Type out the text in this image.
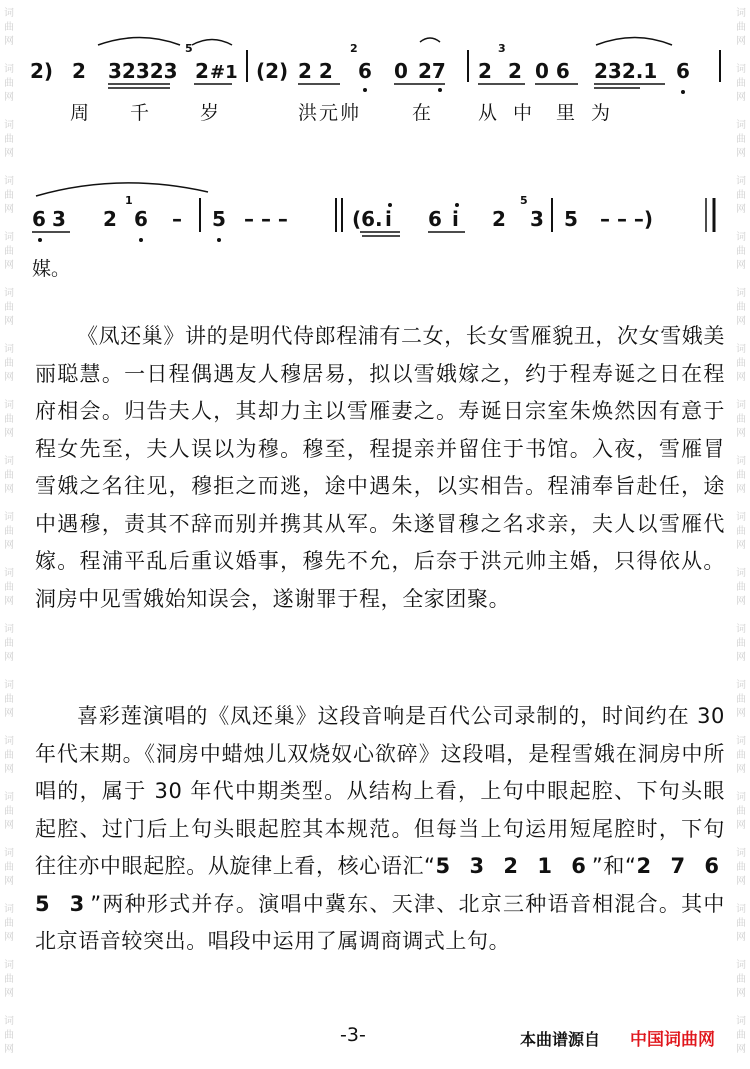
词
曲
网
词
曲
网
词
曲
网
词
曲
网
词
曲
网
词
曲
网
词
曲
网
词
曲
网
词
曲
网
词
曲
网
词
曲
网
词
曲
网
词
曲
网
词
曲
网
词
曲
网
词
曲
网
词
曲
网
词
曲
网
词
曲
网
词
曲
网
词
曲
网
词
曲
网
词
曲
网
词
曲
网
词
曲
网
词
曲
网
词
曲
网
词
曲
网
词
曲
网
词
曲
网
词
曲
网
词
曲
网
词
曲
网
词
曲
网
词
曲
网
词
曲
网
词
曲
网
词
曲
网
2) 2 32323 2 #1 (2) 2 2 6 0 27 2 2 0 6 232.1 6
5	2	3
6 3 2 6 – 5 – – –	(6. i 6 i 2 3 5 – – –)
1	5
周 千	岁	洪元帅	在 从中 里为
媒。
《凤还巢》讲的是明代侍郎程浦有二女，长女雪雁貌丑，次女雪娥美丽聪慧。一日程偶遇友人穆居易，拟以雪娥嫁之，约于程寿诞之日在程府相会。归告夫人，其却力主以雪雁妻之。寿诞日宗室朱焕然因有意于程女先至，夫人误以为穆。穆至，程提亲并留住于书馆。入夜，雪雁冒雪娥之名往见，穆拒之而逃，途中遇朱，以实相告。程浦奉旨赴任，途中遇穆，责其不辞而别并携其从军。朱遂冒穆之名求亲，夫人以雪雁代嫁。程浦平乱后重议婚事，穆先不允，后奈于洪元帅主婚，只得依从。洞房中见雪娥始知误会，遂谢罪于程，全家团聚。
喜彩莲演唱的《凤还巢》这段音响是百代公司录制的，时间约在 30 年代末期。《洞房中蜡烛儿双烧奴心欲碎》这段唱，是程雪娥在洞房中所唱的，属于 30 年代中期类型。从结构上看，上句中眼起腔、下句头眼起腔、过门后上句头眼起腔其本规范。但每当上句运用短尾腔时，下句往往亦中眼起腔。从旋律上看，核心语汇“5 3 2 1 6”和“2 7 6 5 3”两种形式并存。演唱中冀东、天津、北京三种语音相混合。其中北京语音较突出。唱段中运用了属调商调式上句。
-3-	本曲谱源自 中国词曲网
